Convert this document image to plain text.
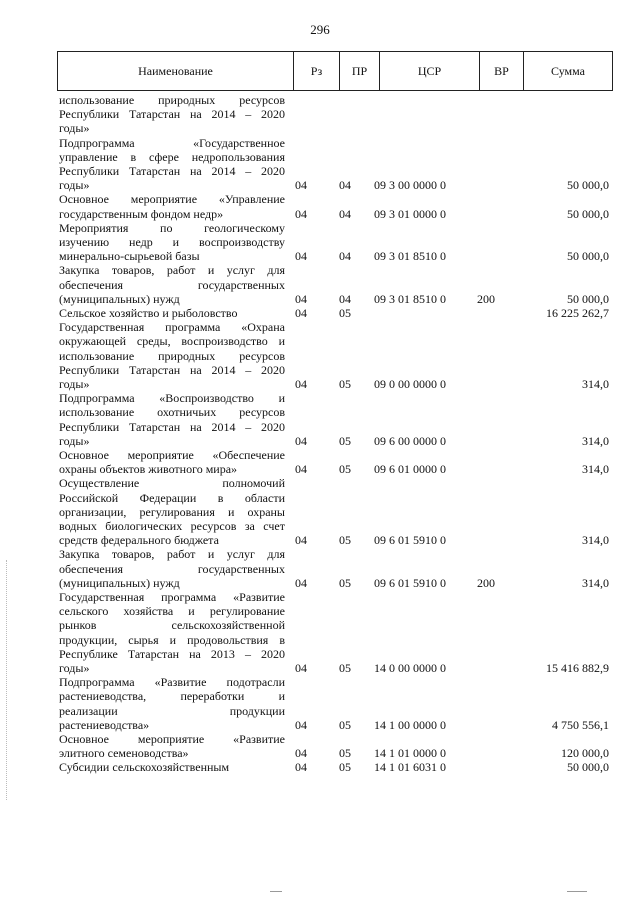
296
Наименование	Рз	ПР	ЦСР	ВР	Сумма
использование природных ресурсов
Республики Татарстан на 2014 – 2020
годы»
Подпрограмма «Государственное
управление в сфере недропользования
Республики Татарстан на 2014 – 2020
годы»	04	04 09 3 00 0000 0	50 000,0
Основное мероприятие «Управление
государственным фондом недр»	04	04 09 3 01 0000 0	50 000,0
Мероприятия по геологическому
изучению недр и воспроизводству
минерально-сырьевой базы	04	04 09 3 01 8510 0	50 000,0
Закупка товаров, работ и услуг для
обеспечения государственных
(муниципальных) нужд	04	04 09 3 01 8510 0	200	50 000,0
Сельское хозяйство и рыболовство	04	05	16 225 262,7
Государственная программа «Охрана
окружающей среды, воспроизводство и
использование природных ресурсов
Республики Татарстан на 2014 – 2020
годы»	04	05 09 0 00 0000 0	314,0
Подпрограмма «Воспроизводство и
использование охотничьих ресурсов
Республики Татарстан на 2014 – 2020
годы»	04	05 09 6 00 0000 0	314,0
Основное мероприятие «Обеспечение
охраны объектов животного мира»	04	05 09 6 01 0000 0	314,0
Осуществление полномочий
Российской Федерации в области
организации, регулирования и охраны
водных биологических ресурсов за счет
средств федерального бюджета	04	05 09 6 01 5910 0	314,0
Закупка товаров, работ и услуг для
обеспечения государственных
(муниципальных) нужд	04	05 09 6 01 5910 0	200	314,0
Государственная программа «Развитие
сельского хозяйства и регулирование
рынков сельскохозяйственной
продукции, сырья и продовольствия в
Республике Татарстан на 2013 – 2020
годы»	04	05 14 0 00 0000 0	15 416 882,9
Подпрограмма «Развитие подотрасли
растениеводства, переработки и
реализации продукции
растениеводства»	04	05 14 1 00 0000 0	4 750 556,1
Основное мероприятие «Развитие
элитного семеноводства»	04	05 14 1 01 0000 0	120 000,0
Субсидии сельскохозяйственным	04	05 14 1 01 6031 0	50 000,0
